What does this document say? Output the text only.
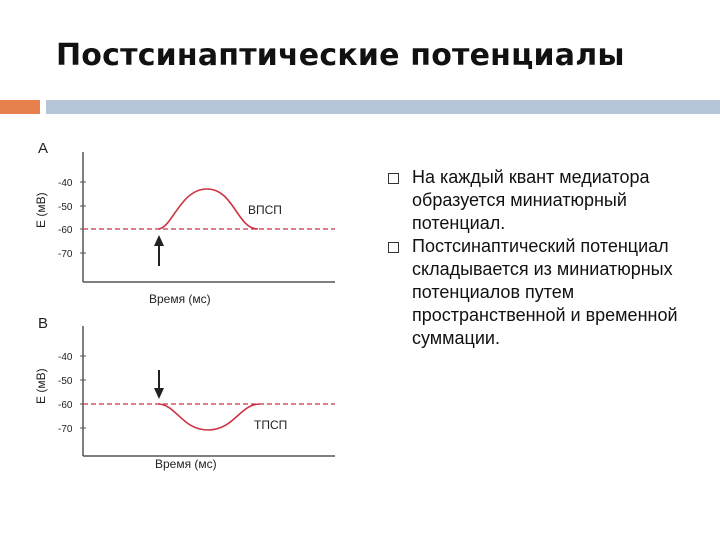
Постсинаптические потенциалы
А
Е (мВ)
-40
-50
-60
-70
ВПСП
Время (мс)
В
Е (мВ)
-40
-50
-60
-70	ТПСП
Время (мс)
На каждый квант медиатора образуется миниатюрный потенциал.
Постсинаптический потенциал складывается из миниатюрных потенциалов путем пространственной и временной суммации.
